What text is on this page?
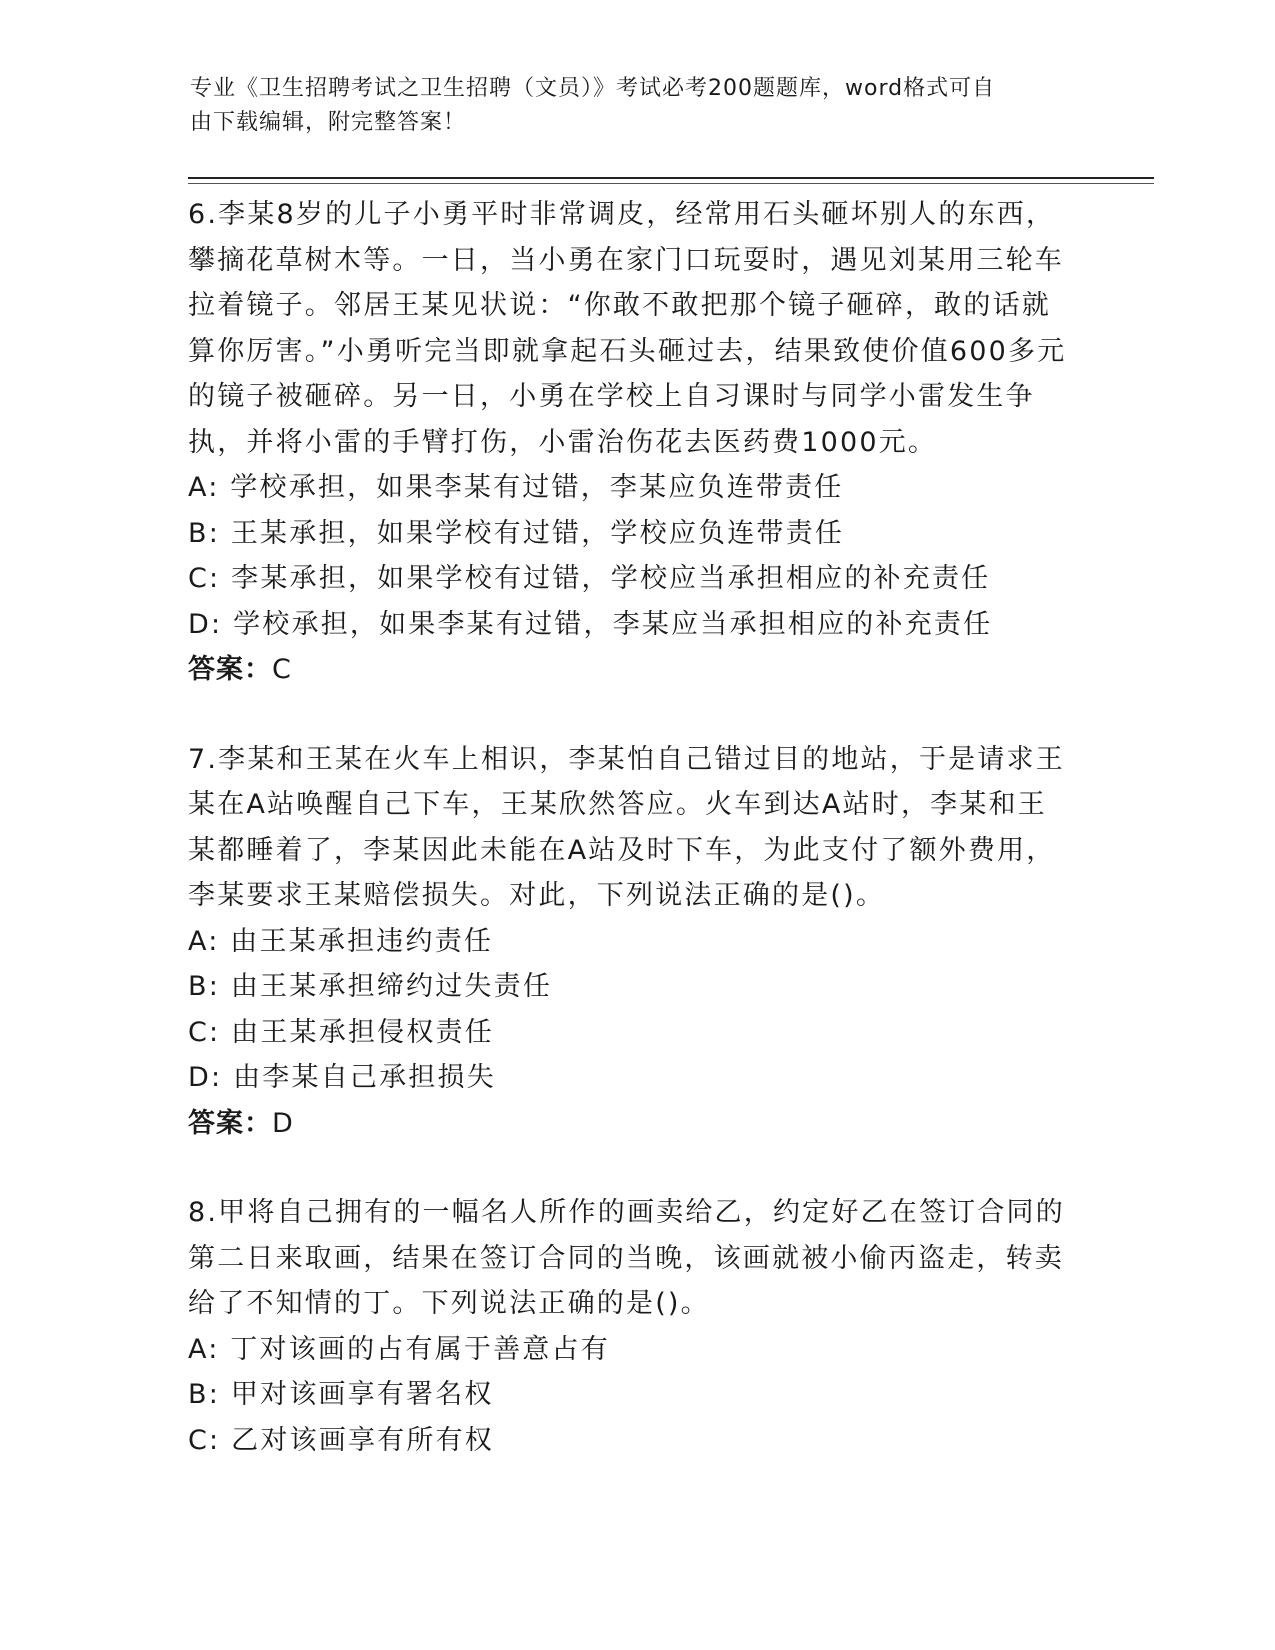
专业《卫生招聘考试之卫生招聘（文员）》考试必考200题题库，word格式可自
由下载编辑，附完整答案！

6.李某8岁的儿子小勇平时非常调皮，经常用石头砸坏别人的东西，攀摘花草树木等。一日，当小勇在家门口玩耍时，遇见刘某用三轮车拉着镜子。邻居王某见状说：“你敢不敢把那个镜子砸碎，敢的话就算你厉害。”小勇听完当即就拿起石头砸过去，结果致使价值600多元的镜子被砸碎。另一日，小勇在学校上自习课时与同学小雷发生争执，并将小雷的手臂打伤，小雷治伤花去医药费1000元。

A: 学校承担，如果李某有过错，李某应负连带责任

B: 王某承担，如果学校有过错，学校应负连带责任

C: 李某承担，如果学校有过错，学校应当承担相应的补充责任

D: 学校承担，如果李某有过错，李某应当承担相应的补充责任

答案：C

7.李某和王某在火车上相识，李某怕自己错过目的地站，于是请求王某在A站唤醒自己下车，王某欣然答应。火车到达A站时，李某和王某都睡着了，李某因此未能在A站及时下车，为此支付了额外费用，李某要求王某赔偿损失。对此，下列说法正确的是()。

A: 由王某承担违约责任

B: 由王某承担缔约过失责任

C: 由王某承担侵权责任

D: 由李某自己承担损失

答案：D

8.甲将自己拥有的一幅名人所作的画卖给乙，约定好乙在签订合同的第二日来取画，结果在签订合同的当晚，该画就被小偷丙盗走，转卖给了不知情的丁。下列说法正确的是()。

A: 丁对该画的占有属于善意占有

B: 甲对该画享有署名权

C: 乙对该画享有所有权
